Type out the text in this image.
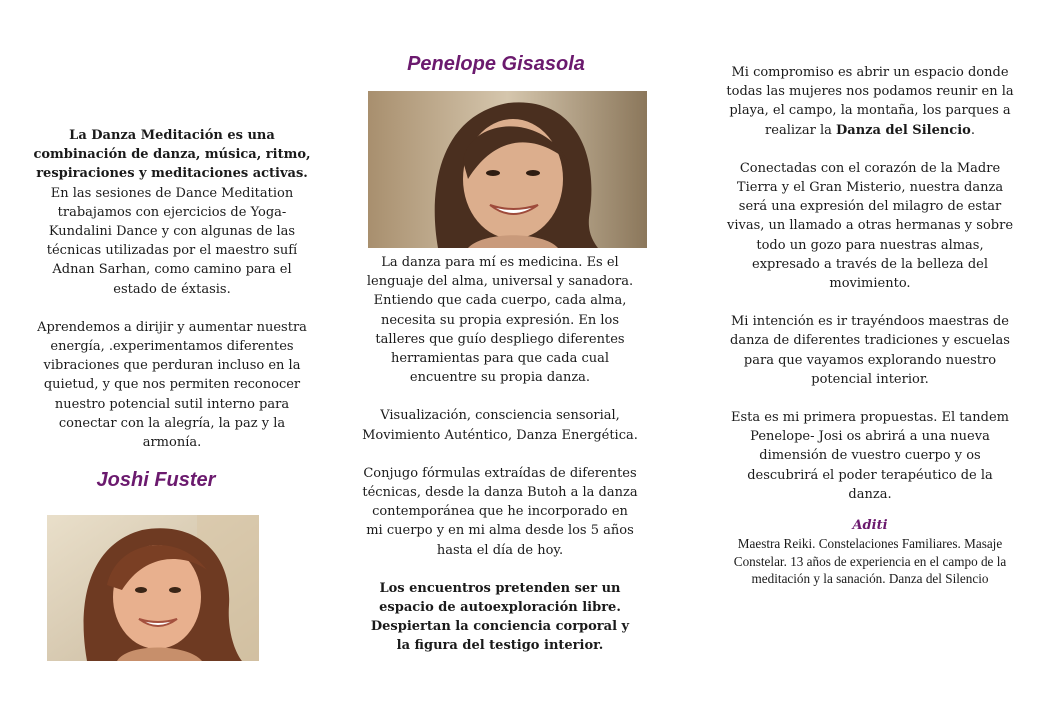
La Danza Meditación es una combinación de danza, música, ritmo, respiraciones y meditaciones activas. En las sesiones de Dance Meditation trabajamos con ejercicios de Yoga-Kundalini Dance y con algunas de las técnicas utilizadas por el maestro sufí Adnan Sarhan, como camino para el estado de éxtasis.

Aprendemos a dirijir y aumentar nuestra energía, .experimentamos diferentes vibraciones que perduran incluso en la quietud, y que nos permiten reconocer nuestro potencial sutil interno para conectar con la alegría, la paz y la armonía.

Joshi Fuster
Penelope Gisasola

La danza para mí es medicina. Es el lenguaje del alma, universal y sanadora. Entiendo que cada cuerpo, cada alma, necesita su propia expresión. En los talleres que guío despliego diferentes herramientas para que cada cual encuentre su propia danza.

Visualización, consciencia sensorial, Movimiento Auténtico, Danza Energética.

Conjugo fórmulas extraídas de diferentes técnicas, desde la danza Butoh a la danza contemporánea que he incorporado en mi cuerpo y en mi alma desde los 5 años hasta el día de hoy.

Los encuentros pretenden ser un espacio de autoexploración libre. Despiertan la conciencia corporal y la figura del testigo interior.

Mi compromiso es abrir un espacio donde todas las mujeres nos podamos reunir en la playa, el campo, la montaña, los parques a realizar la Danza del Silencio.

Conectadas con el corazón de la Madre Tierra y el Gran Misterio, nuestra danza será una expresión del milagro de estar vivas, un llamado a otras hermanas y sobre todo un gozo para nuestras almas, expresado a través de la belleza del movimiento.

Mi intención es ir trayéndoos maestras de danza de diferentes tradiciones y escuelas para que vayamos explorando nuestro potencial interior.

Esta es mi primera propuestas. El tandem Penelope- Josi os abrirá a una nueva dimensión de vuestro cuerpo y os descubrirá el poder terapéutico de la danza.

Aditi

Maestra Reiki. Constelaciones Familiares. Masaje Constelar. 13 años de experiencia en el campo de la meditación y la sanación. Danza del Silencio
